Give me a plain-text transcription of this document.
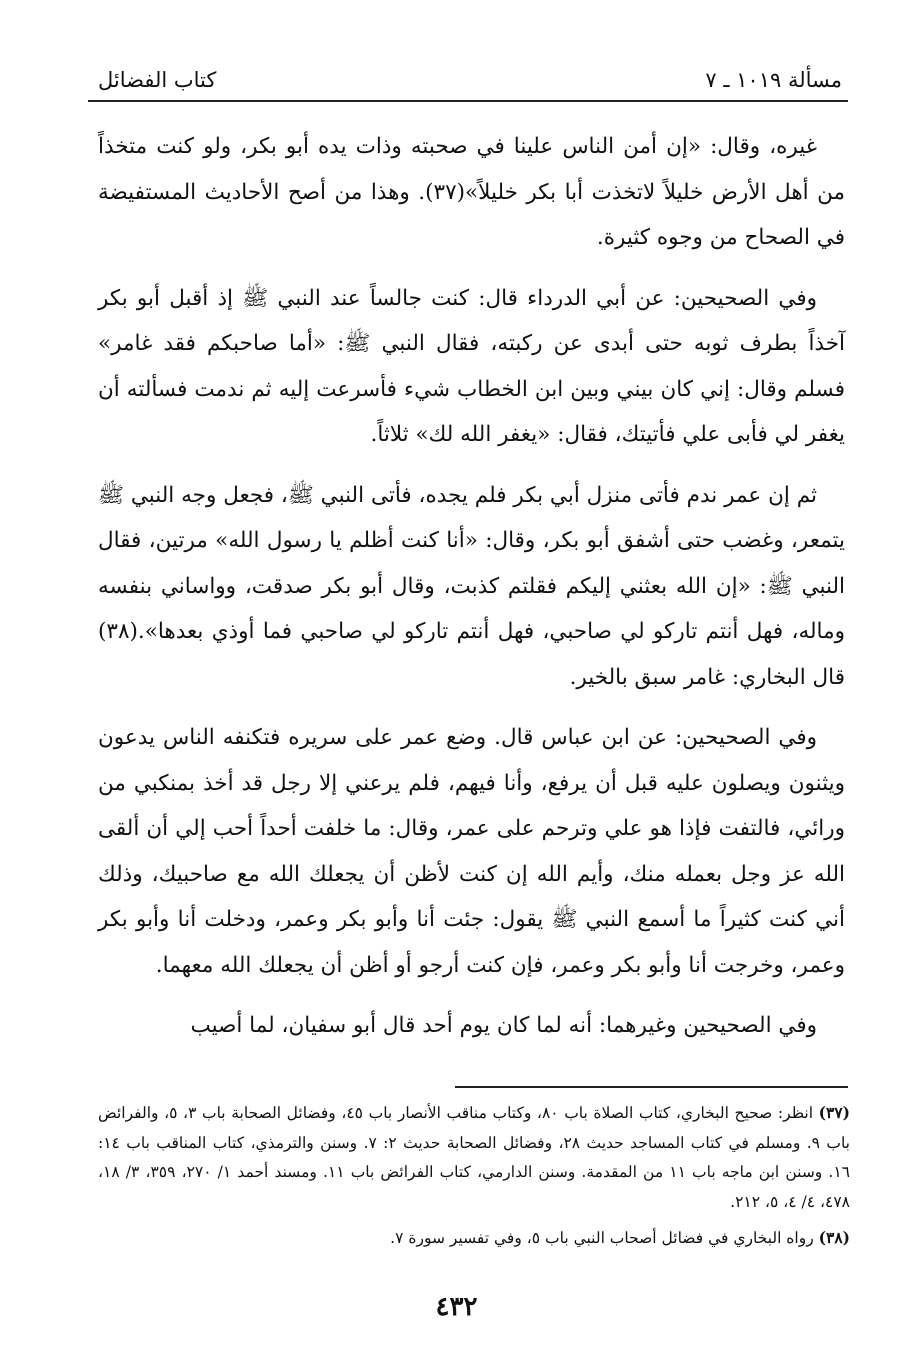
مسألة ١٠١٩ ـ ٧
كتاب الفضائل

غيره، وقال: «إن أمن الناس علينا في صحبته وذات يده أبو بكر، ولو كنت متخذاً من أهل الأرض خليلاً لاتخذت أبا بكر خليلاً»(٣٧). وهذا من أصح الأحاديث المستفيضة في الصحاح من وجوه كثيرة.

وفي الصحيحين: عن أبي الدرداء قال: كنت جالساً عند النبي ﷺ إذ أقبل أبو بكر آخذاً بطرف ثوبه حتى أبدى عن ركبته، فقال النبي ﷺ: «أما صاحبكم فقد غامر» فسلم وقال: إني كان بيني وبين ابن الخطاب شيء فأسرعت إليه ثم ندمت فسألته أن يغفر لي فأبى علي فأتيتك، فقال: «يغفر الله لك» ثلاثاً.

ثم إن عمر ندم فأتى منزل أبي بكر فلم يجده، فأتى النبي ﷺ، فجعل وجه النبي ﷺ يتمعر، وغضب حتى أشفق أبو بكر، وقال: «أنا كنت أظلم يا رسول الله» مرتين، فقال النبي ﷺ: «إن الله بعثني إليكم فقلتم كذبت، وقال أبو بكر صدقت، وواساني بنفسه وماله، فهل أنتم تاركو لي صاحبي، فهل أنتم تاركو لي صاحبي فما أوذي بعدها».(٣٨) قال البخاري: غامر سبق بالخير.

وفي الصحيحين: عن ابن عباس قال. وضع عمر على سريره فتكنفه الناس يدعون ويثنون ويصلون عليه قبل أن يرفع، وأنا فيهم، فلم يرعني إلا رجل قد أخذ بمنكبي من ورائي، فالتفت فإذا هو علي وترحم على عمر، وقال: ما خلفت أحداً أحب إلي أن ألقى الله عز وجل بعمله منك، وأيم الله إن كنت لأظن أن يجعلك الله مع صاحبيك، وذلك أني كنت كثيراً ما أسمع النبي ﷺ يقول: جئت أنا وأبو بكر وعمر، ودخلت أنا وأبو بكر وعمر، وخرجت أنا وأبو بكر وعمر، فإن كنت أرجو أو أظن أن يجعلك الله معهما.

وفي الصحيحين وغيرهما: أنه لما كان يوم أحد قال أبو سفيان، لما أصيب

(٣٧) انظر: صحيح البخاري، كتاب الصلاة باب ٨٠، وكتاب مناقب الأنصار باب ٤٥، وفضائل الصحابة باب ٣، ٥، والفرائض باب ٩. ومسلم في كتاب المساجد حديث ٢٨، وفضائل الصحابة حديث ٢: ٧. وسنن والترمذي، كتاب المناقب باب ١٤: ١٦. وسنن ابن ماجه باب ١١ من المقدمة. وسنن الدارمي، كتاب الفرائض باب ١١. ومسند أحمد ١/ ٢٧٠، ٣٥٩، ٣/ ١٨، ٤٧٨، ٤/ ٤، ٥، ٢١٢.

(٣٨) رواه البخاري في فضائل أصحاب النبي باب ٥، وفي تفسير سورة ٧.

٤٣٢
